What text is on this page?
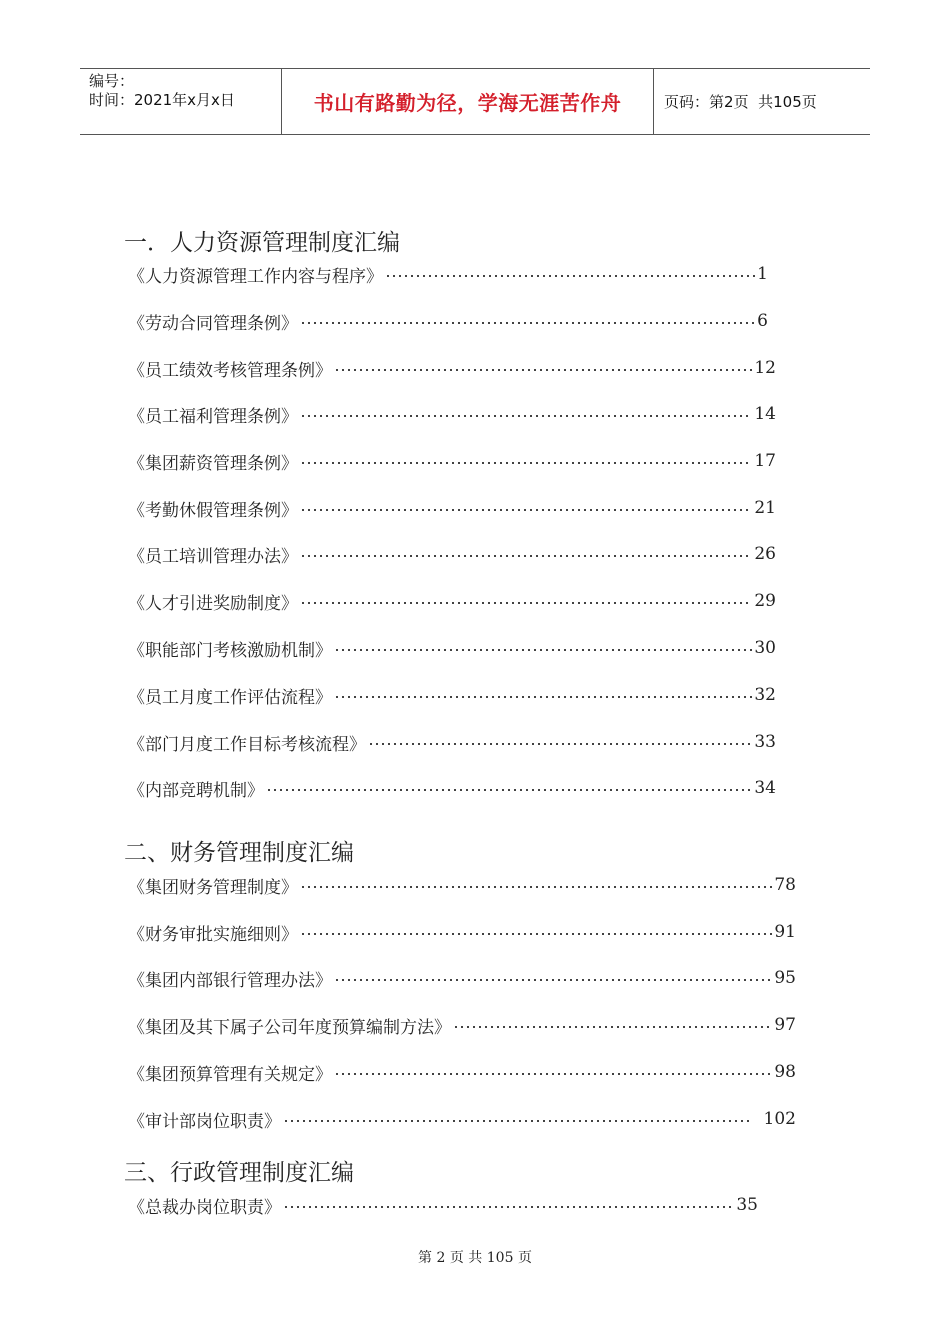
编号：
时间：2021年x月x日	书山有路勤为径，学海无涯苦作舟	页码：第 2 页  共 105 页
一．人力资源管理制度汇编
《人力资源管理工作内容与程序》	1
《劳动合同管理条例》	6
《员工绩效考核管理条例》	12
《员工福利管理条例》	14
《集团薪资管理条例》	17
《考勤休假管理条例》	21
《员工培训管理办法》	26
《人才引进奖励制度》	29
《职能部门考核激励机制》	30
《员工月度工作评估流程》	32
《部门月度工作目标考核流程》	33
《内部竞聘机制》	34
二、财务管理制度汇编
《集团财务管理制度》	78
《财务审批实施细则》	91
《集团内部银行管理办法》	95
《集团及其下属子公司年度预算编制方法》	97
《集团预算管理有关规定》	98
《审计部岗位职责》	102
三、行政管理制度汇编
《总裁办岗位职责》	35
第 2 页 共 105 页
